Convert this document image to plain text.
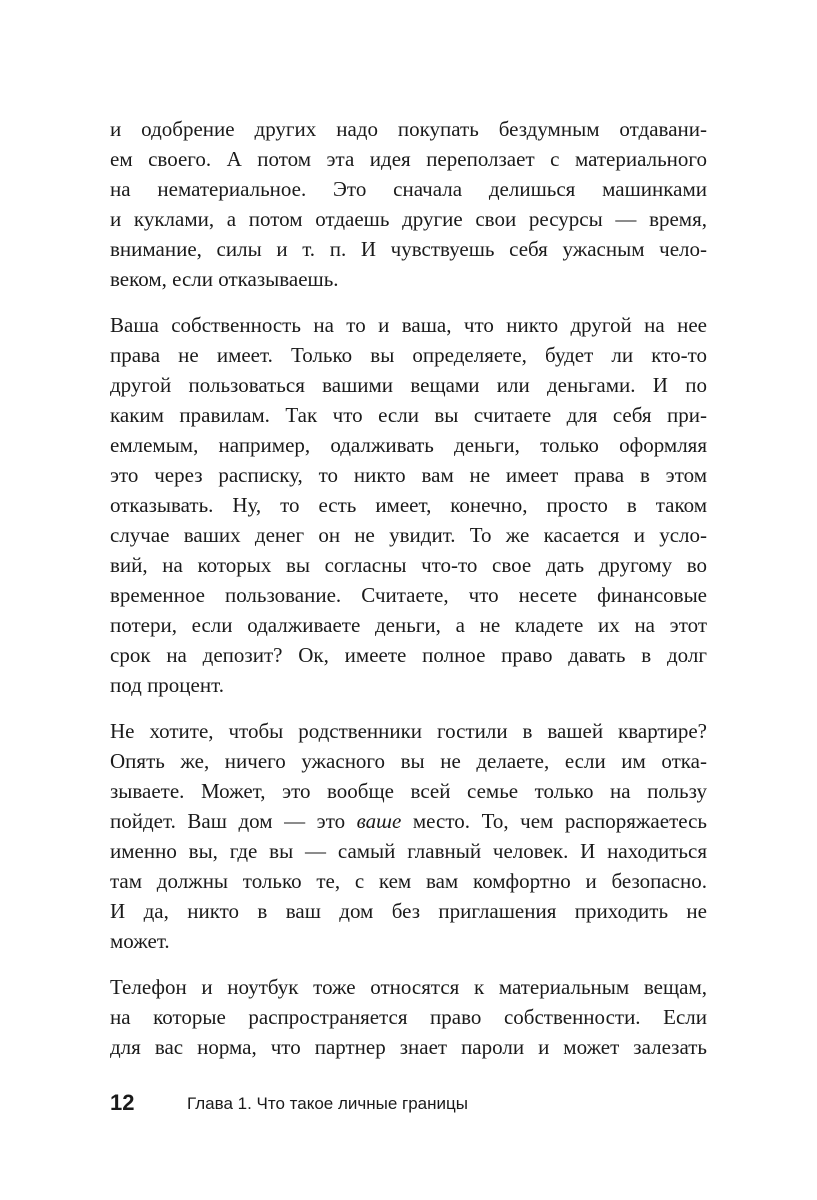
и одобрение других надо покупать бездумным отдавани-
ем своего. А потом эта идея переползает с материального
на нематериальное. Это сначала делишься машинками
и куклами, а потом отдаешь другие свои ресурсы — время,
внимание, силы и т. п. И чувствуешь себя ужасным чело-
веком, если отказываешь.
Ваша собственность на то и ваша, что никто другой на нее
права не имеет. Только вы определяете, будет ли кто-то
другой пользоваться вашими вещами или деньгами. И по
каким правилам. Так что если вы считаете для себя при-
емлемым, например, одалживать деньги, только оформляя
это через расписку, то никто вам не имеет права в этом
отказывать. Ну, то есть имеет, конечно, просто в таком
случае ваших денег он не увидит. То же касается и усло-
вий, на которых вы согласны что-то свое дать другому во
временное пользование. Считаете, что несете финансовые
потери, если одалживаете деньги, а не кладете их на этот
срок на депозит? Ок, имеете полное право давать в долг
под процент.
Не хотите, чтобы родственники гостили в вашей квартире?
Опять же, ничего ужасного вы не делаете, если им отка-
зываете. Может, это вообще всей семье только на пользу
пойдет. Ваш дом — это ваше место. То, чем распоряжаетесь
именно вы, где вы — самый главный человек. И находиться
там должны только те, с кем вам комфортно и безопасно.
И да, никто в ваш дом без приглашения приходить не
может.
Телефон и ноутбук тоже относятся к материальным вещам,
на которые распространяется право собственности. Если
для вас норма, что партнер знает пароли и может залезать
12	Глава 1. Что такое личные границы
